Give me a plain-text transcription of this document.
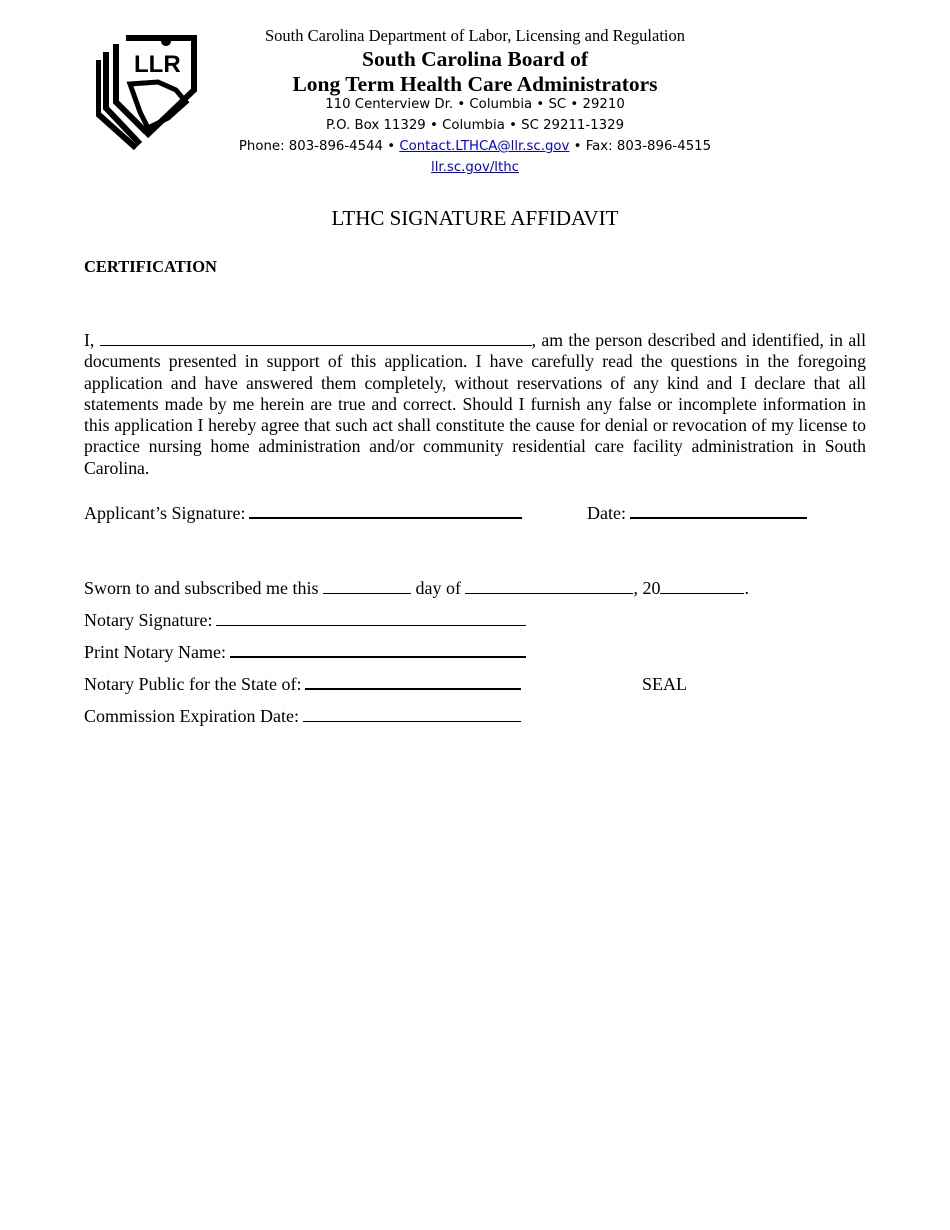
LLR
South Carolina Department of Labor, Licensing and Regulation
South Carolina Board of
Long Term Health Care Administrators
110 Centerview Dr. • Columbia • SC • 29210
P.O. Box 11329 • Columbia • SC 29211-1329
Phone: 803-896-4544 • Contact.LTHCA@llr.sc.gov • Fax: 803-896-4515
llr.sc.gov/lthc
LTHC SIGNATURE AFFIDAVIT
CERTIFICATION
I,	, am the person described and identified, in all documents presented in support of this application. I have carefully read the questions in the foregoing application and have answered them completely, without reservations of any kind and I declare that all statements made by me herein are true and correct. Should I furnish any false or incomplete information in this application I hereby agree that such act shall constitute the cause for denial or revocation of my license to practice nursing home administration and/or community residential care facility administration in South Carolina.
Applicant’s Signature:	Date:
Sworn to and subscribed me this	day of	, 20	.
Notary Signature:
Print Notary Name:
Notary Public for the State of:	SEAL
Commission Expiration Date:
